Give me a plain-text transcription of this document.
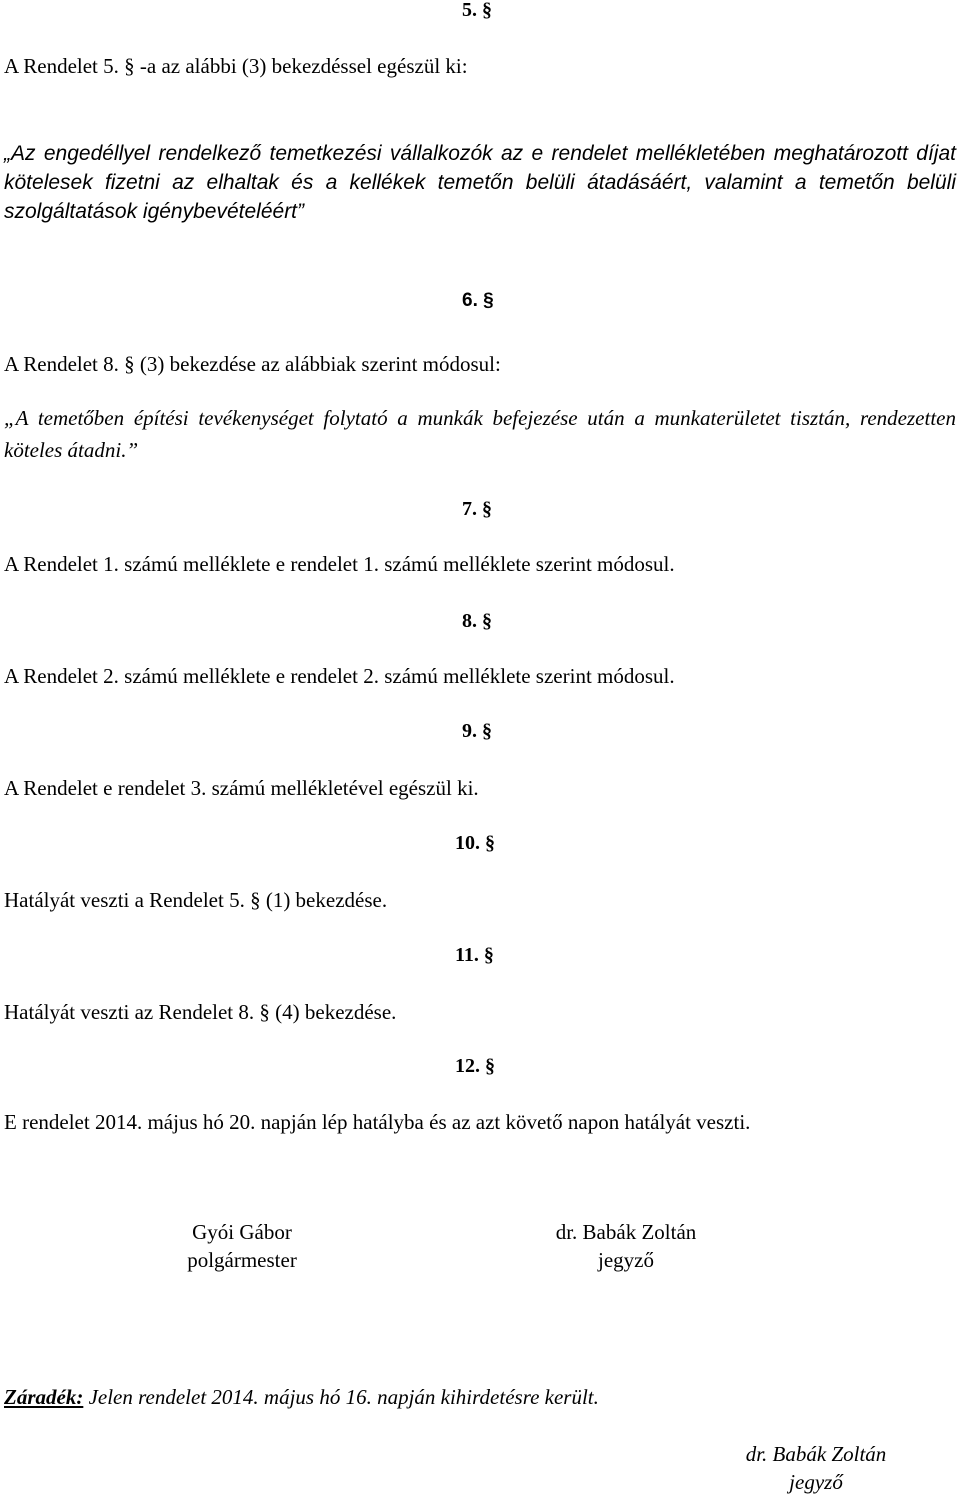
5. §
A Rendelet 5. § -a az alábbi (3) bekezdéssel egészül ki:
„Az engedéllyel rendelkező temetkezési vállalkozók az e rendelet mellékletében meghatározott díjat kötelesek fizetni az elhaltak és a kellékek temetőn belüli átadásáért, valamint a temetőn belüli szolgáltatások igénybevételéért”
6. §
A Rendelet 8. § (3) bekezdése az alábbiak szerint módosul:
„A temetőben építési tevékenységet folytató a munkák befejezése után a munkaterületet tisztán, rendezetten köteles átadni.”
7. §
A Rendelet 1. számú melléklete e rendelet 1. számú melléklete szerint módosul.
8. §
A Rendelet 2. számú melléklete e rendelet 2. számú melléklete szerint módosul.
9. §
A Rendelet e rendelet 3. számú mellékletével egészül ki.
10. §
Hatályát veszti a Rendelet 5. § (1) bekezdése.
11. §
Hatályát veszti az Rendelet 8. § (4) bekezdése.
12. §
E rendelet 2014. május hó 20. napján lép hatályba és az azt követő napon hatályát veszti.
Gyói Gábor
polgármester
dr. Babák Zoltán
jegyző
Záradék: Jelen rendelet 2014. május hó 16. napján kihirdetésre került.
dr. Babák Zoltán
jegyző
